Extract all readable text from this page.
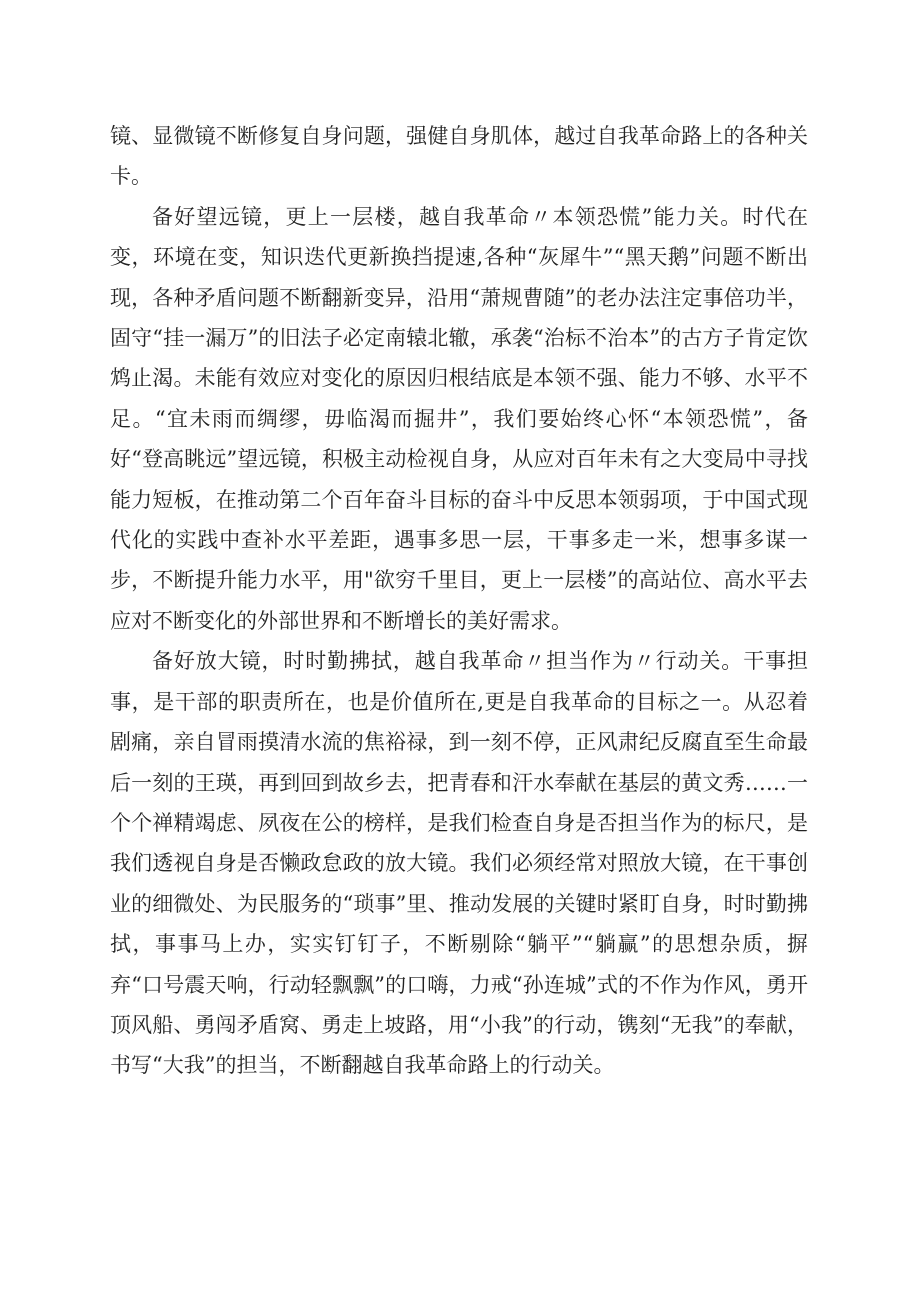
镜、显微镜不断修复自身问题，强健自身肌体，越过自我革命路上的各种关卡。

备好望远镜，更上一层楼，越自我革命〃本领恐慌”能力关。时代在变，环境在变，知识迭代更新换挡提速,各种“灰犀牛”“黑天鹅”问题不断出现，各种矛盾问题不断翻新变异，沿用“萧规曹随”的老办法注定事倍功半，固守“挂一漏万”的旧法子必定南辕北辙，承袭“治标不治本”的古方子肯定饮鸩止渴。未能有效应对变化的原因归根结底是本领不强、能力不够、水平不足。“宜未雨而绸缪，毋临渴而掘井”，我们要始终心怀“本领恐慌”，备好“登高眺远”望远镜，积极主动检视自身，从应对百年未有之大变局中寻找能力短板，在推动第二个百年奋斗目标的奋斗中反思本领弱项，于中国式现代化的实践中查补水平差距，遇事多思一层，干事多走一米，想事多谋一步，不断提升能力水平，用"欲穷千里目，更上一层楼”的高站位、高水平去应对不断变化的外部世界和不断增长的美好需求。

备好放大镜，时时勤拂拭，越自我革命〃担当作为〃行动关。干事担事，是干部的职责所在，也是价值所在,更是自我革命的目标之一。从忍着剧痛，亲自冒雨摸清水流的焦裕禄，到一刻不停，正风肃纪反腐直至生命最后一刻的王瑛，再到回到故乡去，把青春和汗水奉献在基层的黄文秀……一个个禅精竭虑、夙夜在公的榜样，是我们检查自身是否担当作为的标尺，是我们透视自身是否懒政怠政的放大镜。我们必须经常对照放大镜，在干事创业的细微处、为民服务的“琐事”里、推动发展的关键时紧盯自身，时时勤拂拭，事事马上办，实实钉钉子，不断剔除“躺平”“躺赢”的思想杂质，摒弃“口号震天响，行动轻飘飘”的口嗨，力戒“孙连城”式的不作为作风，勇开顶风船、勇闯矛盾窝、勇走上坡路，用“小我”的行动，镌刻“无我”的奉献，书写“大我”的担当，不断翻越自我革命路上的行动关。
